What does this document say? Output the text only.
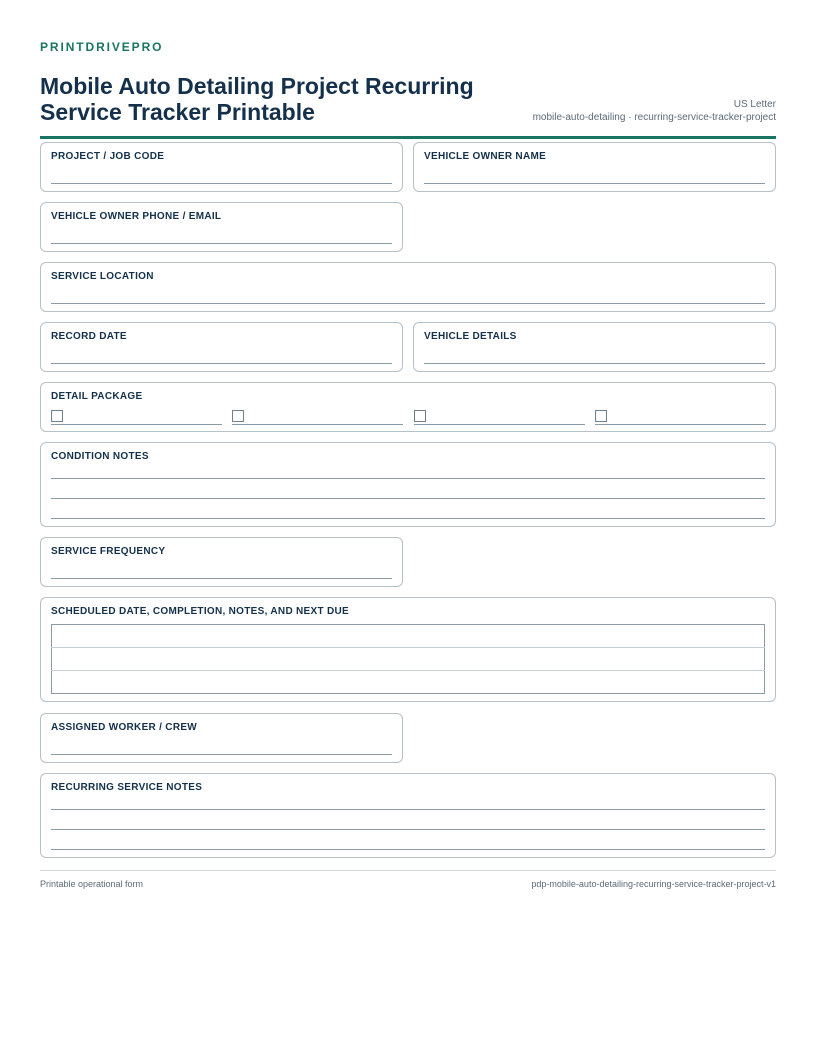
PRINTDRIVEPRO
Mobile Auto Detailing Project Recurring Service Tracker Printable	US Letter
mobile-auto-detailing · recurring-service-tracker-project
PROJECT / JOB CODE	VEHICLE OWNER NAME
VEHICLE OWNER PHONE / EMAIL
SERVICE LOCATION
RECORD DATE	VEHICLE DETAILS
DETAIL PACKAGE
CONDITION NOTES
SERVICE FREQUENCY
SCHEDULED DATE, COMPLETION, NOTES, AND NEXT DUE

ASSIGNED WORKER / CREW
RECURRING SERVICE NOTES
Printable operational form	pdp-mobile-auto-detailing-recurring-service-tracker-project-v1
